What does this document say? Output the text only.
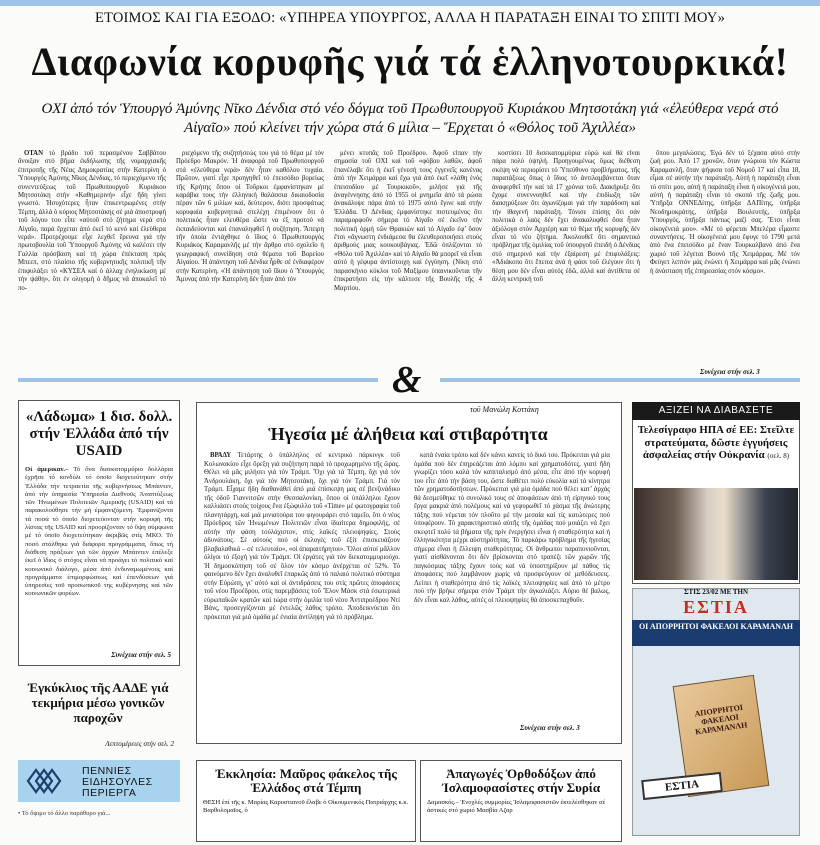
ΕΤΟΙΜΟΣ ΚΑΙ ΓΙΑ ΕΞΟΔΟ: «ΥΠΗΡΕΑ ΥΠΟΥΡΓΟΣ, ΑΛΛΑ Η ΠΑΡΑΤΑΞΗ ΕΙΝΑΙ ΤΟ ΣΠΙΤΙ ΜΟΥ»
Διαφωνία κορυφῆς γιά τά ἑλληνοτουρκικά!
ΟΧΙ ἀπό τόν Ὑπουργό Ἀμύνης Νῖκο Δένδια στό νέο δόγμα τοῦ Πρωθυπουργοῦ Κυριάκου Μητσοτάκη γιά «ἐλεύθερα νερά στό Αἰγαῖο» πού κλείνει τήν χώρα στά 6 μίλια – Ἔρχεται ὁ «Θόλος τοῦ Ἀχιλλέα»

ΟΤΑΝ τό βράδυ τοῦ περασμένου Σαββάτου ἄνοιξαν στό βῆμα ἐκδήλωσης τῆς νομαρχιακῆς ἐπιτροπῆς τῆς Νέας Δημοκρατίας στήν Κατερίνη ὁ Ὑπουργός Ἀμύνης Νῖκος Δένδιας, τό περιεχόμενο τῆς συνεντεύξεως τοῦ Πρωθυπουργοῦ Κυριάκου Μητσοτάκη στήν «Καθημερινή» εἶχε ἤδη γίνει γνωστό. Ἠσυχότερες ἦταν ἐπικεντρωμένες στήν Τέμπη, ἀλλά ὁ κύριος Μητσοτάκης σέ μιά ἀποστροφή τοῦ λόγου του εἶπε «αὐτοῦ στό ζήτημα νερά στό Αἰγαῖο, παρά ἔρχεται ἀπό ἐκεῖ τό κενό καί ἐλεύθερα νερά». Προτρέχουμε εἶχε λεχθεῖ ἔρευνα γιά τήν πρωτοβουλία τοῦ Ὑπουργοῦ Ἀμύνης νά καλέσει τήν Γαλλία πρόσβαση καί τή χώρα ἐπέκταση πρός Μπεεπ, στό πλαίσιο τῆς κυβερνητικῆς πολιτικῆ τῆν ἐπιφυλάξει τό «ΚΥΣΕΑ καί ὁ ἀλλαχ ἐνηλικίωση μέ τήν ψάθη», ὅτι ἐν ολιγομή ὁ δῆμος νά ἀποκαλεῖ τό πο-

ριεχόμενο τῆς συζητήσεώς του γιά τό θέμα μέ τόν Πρόεδρο Μακρόν. Ἡ ἀναφορά τοῦ Πρωθυπουργοῦ στά «ἐλεύθερα νερά» δέν ἦταν καθόλου τυχαία. Πρῶτον, γιατί εἶχε προηγηθεῖ τό ἐπεισόδιο βορείως τῆς Κρήτης ὅπου οἱ Τοῦρκοι ἐμφανίστηκαν μέ καράβια τους τήν ἐλληνική θαλάσσια δικαιοδοσία πέραν τῶν 6 μιλίων καί, δεύτερον, διότι προσφάτως κορυφαία κυβερνητικά στελέχη ἐπιμένουν ὅτι ὁ πολιτικός ἦταν ελευθέρα ὥστε να ἐξ προτού νά ἐκπαιδεύονται καί ἐπαναληφθεῖ ἡ συζήτηση. Ἄπειρη τῆν ὁποία ἐντάχθηκε ὁ ἴδιος ὁ Πρωθυπουργός Κυριάκος Καραμανλῆς μέ τήν ἄρθρο στό σχολεῖο ἡ γεωγραφική συνείδηση στά θέματα τοῦ Βορείου Αἰγαίου. Ἡ ἀπάντηση τοῦ Δένδια ἦρθε σέ ἐνδιαφέρον στήν Κατερίνη. «Ἡ ἀπάντηση τοῦ ἴδιου ὁ Ὑπουργός Ἀμυνας ἀπό τήν Κατερίνη δέν ἦταν ἀπό τόν

μένει κτυπᾶς τοῦ Προέδρου. Ἀφοῦ εἶπαν τήν σημασία τοῦ ΟΧΙ καί τοῦ «φόβου λαθῶν, ἀφοῦ ἐπανέλαβε ὅτι ἡ ἐκεῖ γένεσή τους ἐγγενεῖς κανένας ἀπό τήν Χειμάρρα καί ἔχω γιά ἀπό ἐκεῖ «λάθη ἑνός ἐπεισοδίου μέ Τουρκικοῦ», μιλήσε γιά τῆς ἀναγέννησης ἀπό τό 1955 οἱ μνημεῖα ἀπό τά ρώσα ἀνακάλυψε πάρα ἀπό τό 1975 αὐτό ἔγινε καί στήν Ἐλλάδα. Ὁ Δένδιας ἐμφανίστηκε πιστευμένος ὅτι παραμορφοῦν σήμερα τό Αἰγαῖο σέ ἐκεῖνο τήν πολιτική ὁρμή τῶν Θρακιών καί τό Αἰγαῖο ἐφ’ ὅσον ἔτσι «ἄγνωστη ἐνδιάμεσα θα ἐλευθεροποιήσει στούς ἀριθμούς μιας κουκουβάγιας. Ἐδῶ ὁπλίζονται τό «Θόλο τοῦ Ἀχιλλέα» καί τό Αἰγαῖο θά μπορεῖ νά εἶναι αὐτό ἡ γέφυρα ἀντίστοιχη καί ἐγγύηση. (Νίκη στό παρασκήνιο κύκλοι τοῦ Μαξίμου ὑπαινικοῦνται τῆν ἐπικρατήσει εἰς τήν κάλτεσε τῆς Βουλῆς τῆς 4 Μαρτίου.

κοστίσει 10 δισεκατομμύρια εὐρώ καί θά εἶναι πάρα πολύ ὑψηλή. Προηγουμένως ὅμως διέθεση σκέψη νά περιορίσει τό Ὑπεύθυνο προβλήματος, τῆς παρατάξεως ὅπως ὁ ἴδιος τό ἀντιλαμβάνεται ὅταν ἀναφερθεῖ τήν καί τά 17 χρόνια τοῦ. Διακήρυξε ὅτι ἔχομε συνεννοηθεῖ καί τήν ἐπιδίωξη τῶν διακηρύξεων ὅτι ἀγωνίζομαι γιά τήν παράδοση καί τήν ἰθαγενῆ παράταξη. Τόνισε ἐπίσης ὅτι σάν πολιτικά ὁ λαός δέν ἔχει ἀνακαλυφθεί ὅσα ἦταν ἀξιόλογα στόν Ἀρχιέρη και τό θέμα τῆς κορυφῆς δέν εἶναι τό νέο ζήτημα. Ἀκολουθεῖ ὅτι σημαντικό πρόβλημα τῆς ὁμιλίας τοῦ ὑπουργοῦ ἐπειδή ὁ Δένδιας στό σημερινό καί τήν ἐξαίρεση μέ ἐπιφυλάξεις: «Ἀδιάκοπο ὅτι ἔπειτα ἀνά ἡ φάσι τοῦ ἐλέγουν ὅτι ἡ θέση μου δέν εἶναι αὐτός ἐδῶ, ἀλλά καί ἀντίθετα σέ ἄλλη κεντρική τοῦ

ὅπου μεγαλώσεις. Ἐγώ δέν τό ξέχασα αὐτό στήν ζωή μου. Ἀπό 17 χρονῶν, ὅταν γνώρισα τόν Κώστα Καραμανλῆ, ὅταν ψήφισα τοῦ Νομοῦ 17 καί εἶπα 18, εἶμαι σέ αὐτήν τήν παράταξη. Αὐτή ἡ παράταξη εἶναι τό σπίτι μου, αὐτή ἡ παράταξη εἶναι ἡ οἰκογένειά μου, αὐτή ἡ παράταξη εἶναι τό σκοπό τῆς ζωῆς μου. Ὑπῆρξα ΟΝΝΕΔίτης, ὑπῆρξα ΔΑΠίτης, ὑπῆρξα Νεοδημοκράτης, ὑπῆρξα Βουλευτής, ὑπῆρξα Ὑπουργός, ὑπῆρξα πάντως μαζί σας. Ἔτσι εἶναι οἰκογένειά μου». «Μέ τό φέρεται Μπελέρα εἶμαστε συναντήσεις. Ἡ οἰκογένειά μου ἔφυγε τό 1790 μετά ἀπό ἕνα ἐπεισόδιο μέ ἕναν Τουρκαλβανό ἀπό ἕνα χωριό τοῦ λέγεται Βουνό τῆς Χειμάρρας. Μέ τόν Φεύγετ λεπτόν μάς ἐνώνει ἡ Χειμάρρα καί μᾶς ἐνώνει ἡ ἀνάσταση τῆς ἑπηρεασίας στόν κόσμο».

Συνέχεια στήν σελ. 3
&
«Λάδωμα» 1 δισ. δολλ. στήν Ἑλλάδα ἀπό τήν USAID
Οἱ ἀμερικαν.– Τό ὅνα δισεκατομμύριο δολλάρια ἐχρῆσε τό κονδύλι τό ὁποῖο διοχετεύτηκαν στήν Ἑλλάδα τήν τετραετία τῆς κυβερνήσεως Μπάιντεν, ἀπό τήν ὑπηρεσία Ὑπηρεσία Διεθνοῦς Ἀναπτύξεως τῶν Ἡνωμένων Πολιτειῶν Ἀμερικῆς (USAID) καί τά παρακολούθησε τήν μή ἐμφανιζόμενη. Ἐμφανίζοντα τά ποσά τό ὁποῖο διοχετεύονταν στήν κορυφή τῆς λίστας τῆς USAID καί προορίζονταν τό ὕψη σύμφωνα μέ τό ὁποῖο διοχετεύτηκαν ἀκριβῶς στίς ΜΚΟ. Τό ποσό στάλθηκε γιά διάφορα προγράμματα, ὅπως τή διάθεση πράξεων γιά τῶν ἀρχών Μπάιντεν ἐπέλεξε ἐκεῖ ὁ ἴδιος ὁ στόχος εἶναι νά προάγει τό πολιτικό καί κοινωνικό διάλογο, μέσα ἀπό ἐνδυναμωμένους καί προγράμματα ἐπιμορφώσεως καί ἐπενδύσεων γιά ὑπηρεσίες τοῦ προσωπικοῦ της κυβέρνησης καί τῶν κοινωνικῶν φορέων.
Συνέχεια στήν σελ. 5
Ἐγκύκλιος τῆς ΑΑΔΕ γιά τεκμήρια μέσω γονικῶν παροχῶν
Λεπτομέρειες στήν σελ. 2
ΠΕΝΝΙΕΣ ΕΙΔΗΣΟΥΛΕΣ ΠΕΡΙΕΡΓΑ
• Τό ὄψιμο τό ἄλλο παράθυρο γιά...
τοῦ Μανώλη Κοττάκη
Ἡγεσία μέ ἀλήθεια καί στιβαρότητα

ΒΡΑΔΥ Τετάρτης ὁ ὑπάλληλος σέ κεντρικό πάρκινγκ τοῦ Κολωνακίου εἶχε ὄρεξη γιά συζήτηση παρά τό προχωρημένο τῆς ὥρας. Θέλει νά μᾶς μιλήσει γιά τόν Τράμπ. Ὄχι γιά τά Τέμπη, ὄχι γιά τόν Ἀνδρουλάκη, ὄχι γιά τόν Μητσοτάκη, ὄχι γιά τόν Τράμπ. Γιά τόν Τράμπ. Εἶχαμε ἤδη διαθανάθεί ἀπό μιά ἐπίσκεψη μας σέ βενζινάδικο τῆς ὁδοῦ Γιαννιτσῶν στήν Θεσσαλονίκη, ὅπου οἱ ὑπάλληλοι ἔχουν καλλιάσει στούς τοίχους ἕνα ἐξώφυλλο τοῦ «Time» μέ φωτογραφία τοῦ πλανητάρχη, καί μιά μινιατούρα του φιγουράρει στό ταμεῖο, ὅτι ὁ νέος Πρόεδρος τῶν Ἡνωμένων Πολιτειῶν εἶναι ἰδιαίτερα δημοφιλής, σέ αὐτήν τήν φάση τοὐλάχιστον, στίς λαϊκές πλειοψηφίες. Στούς ἀδυνάτους. Σέ αὐτούς πού οἱ ἐκλογές τοῦ ἐξίτ ἐπισκευάζουν βλαβαλαθικά – σέ τελευταίο«, «οἱ ἀπαραιτήρητοι». Ὅλοι αὐτοί μᾶλλον ὀλίγοι τό ἐξοχή γιά τόν Τράμπ. Οἱ ἐργάτες γιά τόν διεκατομμυριούχο. Ἡ δημοσκόπηση τοῦ σέ ὅλον τόν κόσμο ἀνέρχεται σέ 52%. Τό φαινόμενο δέν ἔχει ἀναλυθεῖ ἐπαρκῶς ἀπό τό παλαιό πολιτικό σύστημα στήν Εὐρώπη, γι’ αὐτό καί οἱ ἀντιδράσεις του στίς πρῶτες ἀποφάσεις τοῦ νέου Προέδρου, στίς παρεμβάσεις τοῦ Ἔλον Μάσκ στά ἐσωτερικά εὐρωπαϊκῶν κρατῶν καί τώρα στήν ὁμιλία τοῦ νέου Ἀντιπροέδρου Ντί Βάνς, προσεγγίζονται μέ ἐντελῶς λάθος τρόπο. Ἀποδεικνύεται ὅτι πρόκειται γιά μιά ὁμάδα μέ ἐνιαία ἀντίληψη γιά τό πρόβλημα.

κατά ἑναία τρόπο καί δέν κάνει κανείς τό δικό του. Πρόκειται γιά μία ὁμάδα πού δέν ἐπηρεάζεται ἀπό λόμπυ καί χρηματοδότες, γιατί ἤδη γνωρίζει τόσο καλά τόν καπιταλισμό ἀπό μέσα, εἶτε ἀπό τήν κορυφή του εἶτε ἀπό τήν βάση του, ὥστε διαθέτει πολύ εὐκολία καί τά κίνητρα τῶν χρηματοδοτήσεων. Πρόκειται γιά μία ὁμάδα πού θέλει κατ’ ἀρχάς θά δεσμεύθηκε τό συνολικό τους σέ ἀποφάσεων ἀπό τή εἰρηνικό τους ἔργα μακριά ἀπό πολέμους καί νά γεφυρωθεῖ τό χάσμα τῆς ἀνώτερης τάξης πού νέμεται τόν πλοῦτο μέ τήν μεσαία καί τίς κατώτερες πού ὑποφέρουν. Τό χαρακτηριστικό αὐτῆς τῆς ὁμάδας πού μοιάζει νά ἔχει σκεφτεῖ πολύ τά βήματα τῆς πρίν ἐνεργήσει εἶναι ἡ σταθερότητα καί ἡ ἐλληνικότητα μέχρι αὐστηρότητας. Τό παρκάρω πρόβλημα τῆς ἡγεσίας σήμερα εἶναι ἡ ἔλλειψη σταθερότητας. Οἱ ἄνθρωποι παραπονιοῦνται, γιατί αἰσθάνονται ὅτι δέν βρίσκονται στό τραπέζι τῶν χωρῶν τῆς παγκόσμιας τάξης ἔχουν τούς καί νά ὑποστηρίξουν μέ πάθος τίς ἀποφάσεις πού λαμβάνουν χωρίς νά προσφεύγουν σέ μεθόδευσεις. Λείπει ἡ σταθερότητα ἀπό τίς λαϊκές πλειοψηφίες καί ἀπό τό μέτρο πού τήν βρήκε σήμερα στόν Τράμπ τήν ἀγκαλιάζει. Αὐριο θέ βαλως, δέν εἶναι καλ λάθος, αὐτές οἱ πλειοψηφίες θά ἀποσκεπαχθοῦν.

Συνέχεια στήν σελ. 3
ΑΞΙΖΕΙ ΝΑ ΔΙΑΒΑΣΕΤΕ
Τελεσίγραφο ΗΠΑ σέ ΕΕ: Στεῖλτε στρατεύματα, δῶστε ἐγγυήσεις ἀσφαλείας στήν Οὐκρανία (σελ. 8)
ΣΤΙΣ 23/02 ΜΕ ΤΗΝ
ΕΣΤΙΑ
ΟΙ ΑΠΟΡΡΗΤΟΙ ΦΑΚΕΛΟΙ ΚΑΡΑΜΑΝΛΗ
ΑΠΟΡΡΗΤΟΙ ΦΑΚΕΛΟΙ ΚΑΡΑΜΑΝΛΗ
ΕΣΤΙΑ
Ἐκκλησία: Μαῦρος φάκελος τῆς Ἑλλάδος στά Τέμπη
ΘΕΣΗ ἐπί τῆς κ. Μαρίας Καρυστιανοῦ ἔλαβε ὁ Οἰκουμενικός Πατριάρχης κ.κ. Βαρθολομαῖος, ὁ
Ἀπαγωγές Ὀρθοδόξων ἀπό Ἰσλαμοφασίστες στήν Συρία
Δαμασκός.– Ἐνοχλές συμμορίες Ἰσλαμοφασιστῶν ἐκτελέσθηκαν σέ ἀστικές στό χωριό Μασβία Αζαρ
